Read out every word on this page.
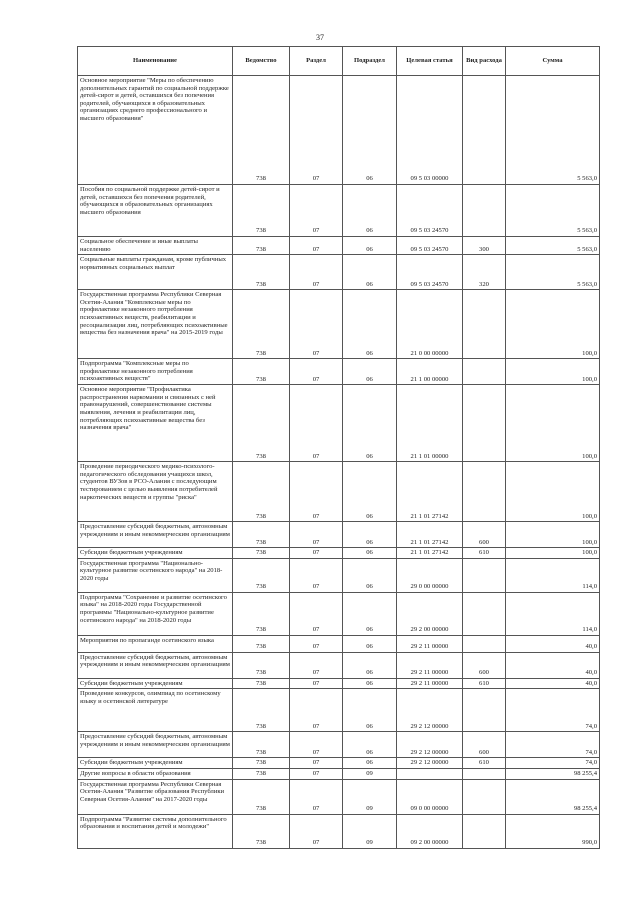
37
Наименование	Ведомство	Раздел	Подраздел	Целевая статья	Вид расхода	Сумма
Основное мероприятие "Меры по обеспечению дополнительных гарантий по социальной поддержке детей-сирот и детей, оставшихся без попечения родителей, обучающихся в образовательных организациях среднего профессионального и высшего образования"	738	07	06	09 5 03 00000		5 563,0
Пособия по социальной поддержке детей-сирот и детей, оставшихся без попечения родителей, обучающихся в образовательных организациях высшего образования	738	07	06	09 5 03 24570		5 563,0
Социальное обеспечение и иные выплаты населению	738	07	06	09 5 03 24570	300	5 563,0
Социальные выплаты гражданам, кроме публичных нормативных социальных выплат	738	07	06	09 5 03 24570	320	5 563,0
Государственная программа Республики Северная Осетия-Алания "Комплексные меры по профилактике незаконного потребления психоактивных веществ, реабилитации и ресоциализации лиц, потребляющих психоактивные вещества без назначения врача" на 2015-2019 годы	738	07	06	21 0 00 00000		100,0
Подпрограмма "Комплексные меры по профилактике незаконного потребления психоактивных веществ"	738	07	06	21 1 00 00000		100,0
Основное мероприятие "Профилактика распространения наркомании и связанных с ней правонарушений, совершенствование системы выявления, лечения и реабилитации лиц, потребляющих психоактивные вещества без назначения врача"	738	07	06	21 1 01 00000		100,0
Проведение периодического медико-психолого-педагогического обследования учащихся школ, студентов ВУЗов в РСО-Алания с последующим тестированием с целью выявления потребителей наркотических веществ и группы "риска"	738	07	06	21 1 01 27142		100,0
Предоставление субсидий бюджетным, автономным учреждениям и иным некоммерческим организациям	738	07	06	21 1 01 27142	600	100,0
Субсидии бюджетным учреждениям	738	07	06	21 1 01 27142	610	100,0
Государственная программа "Национально-культурное развитие осетинского народа" на 2018-2020 годы	738	07	06	29 0 00 00000		114,0
Подпрограмма "Сохранение и развитие осетинского языка" на 2018-2020 годы Государственной программы "Национально-культурное развитие осетинского народа" на 2018-2020 годы	738	07	06	29 2 00 00000		114,0
Мероприятия по пропаганде осетинского языка	738	07	06	29 2 11 00000		40,0
Предоставление субсидий бюджетным, автономным учреждениям и иным некоммерческим организациям	738	07	06	29 2 11 00000	600	40,0
Субсидии бюджетным учреждениям	738	07	06	29 2 11 00000	610	40,0
Проведение конкурсов, олимпиад по осетинскому языку и осетинской литературе	738	07	06	29 2 12 00000		74,0
Предоставление субсидий бюджетным, автономным учреждениям и иным некоммерческим организациям	738	07	06	29 2 12 00000	600	74,0
Субсидии бюджетным учреждениям	738	07	06	29 2 12 00000	610	74,0
Другие вопросы в области образования	738	07	09			98 255,4
Государственная программа Республики Северная Осетия-Алания "Развитие образования Республики Северная Осетия-Алания" на 2017-2020 годы	738	07	09	09 0 00 00000		98 255,4
Подпрограмма "Развитие системы дополнительного образования и воспитания детей и молодежи"	738	07	09	09 2 00 00000		990,0
